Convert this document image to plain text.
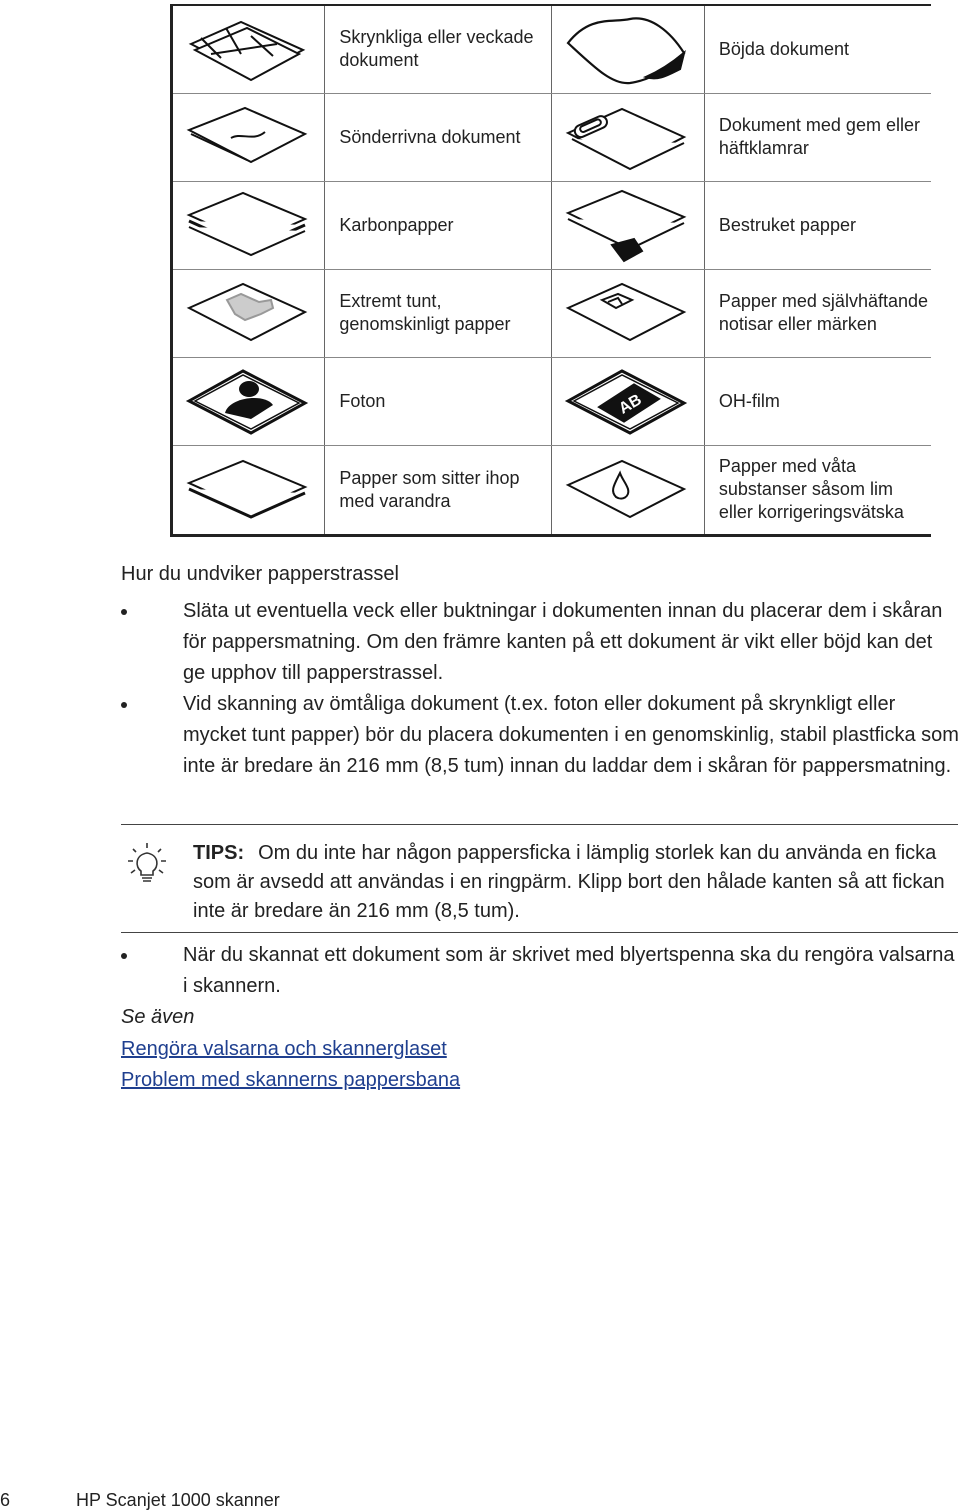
	Skrynkliga eller veckade dokument		Böjda dokument

	Sönderrivna dokument		Dokument med gem eller häftklamrar

	Karbonpapper		Bestruket papper

	Extremt tunt, genomskinligt papper		Papper med självhäftande notisar eller märken

	Foton	AB	OH-film

	Papper som sitter ihop med varandra		Papper med våta substanser såsom lim eller korrigeringsvätska
Hur du undviker papperstrassel
Släta ut eventuella veck eller buktningar i dokumenten innan du placerar dem i skåran för pappersmatning. Om den främre kanten på ett dokument är vikt eller böjd kan det ge upphov till papperstrassel.
Vid skanning av ömtåliga dokument (t.ex. foton eller dokument på skrynkligt eller mycket tunt papper) bör du placera dokumenten i en genomskinlig, stabil plastficka som inte är bredare än 216 mm (8,5 tum) innan du laddar dem i skåran för pappersmatning.
TIPS: Om du inte har någon pappersficka i lämplig storlek kan du använda en ficka som är avsedd att användas i en ringpärm. Klipp bort den hålade kanten så att fickan inte är bredare än 216 mm (8,5 tum).
När du skannat ett dokument som är skrivet med blyertspenna ska du rengöra valsarna i skannern.
Se även
Rengöra valsarna och skannerglaset
Problem med skannerns pappersbana
6	HP Scanjet 1000 skanner
